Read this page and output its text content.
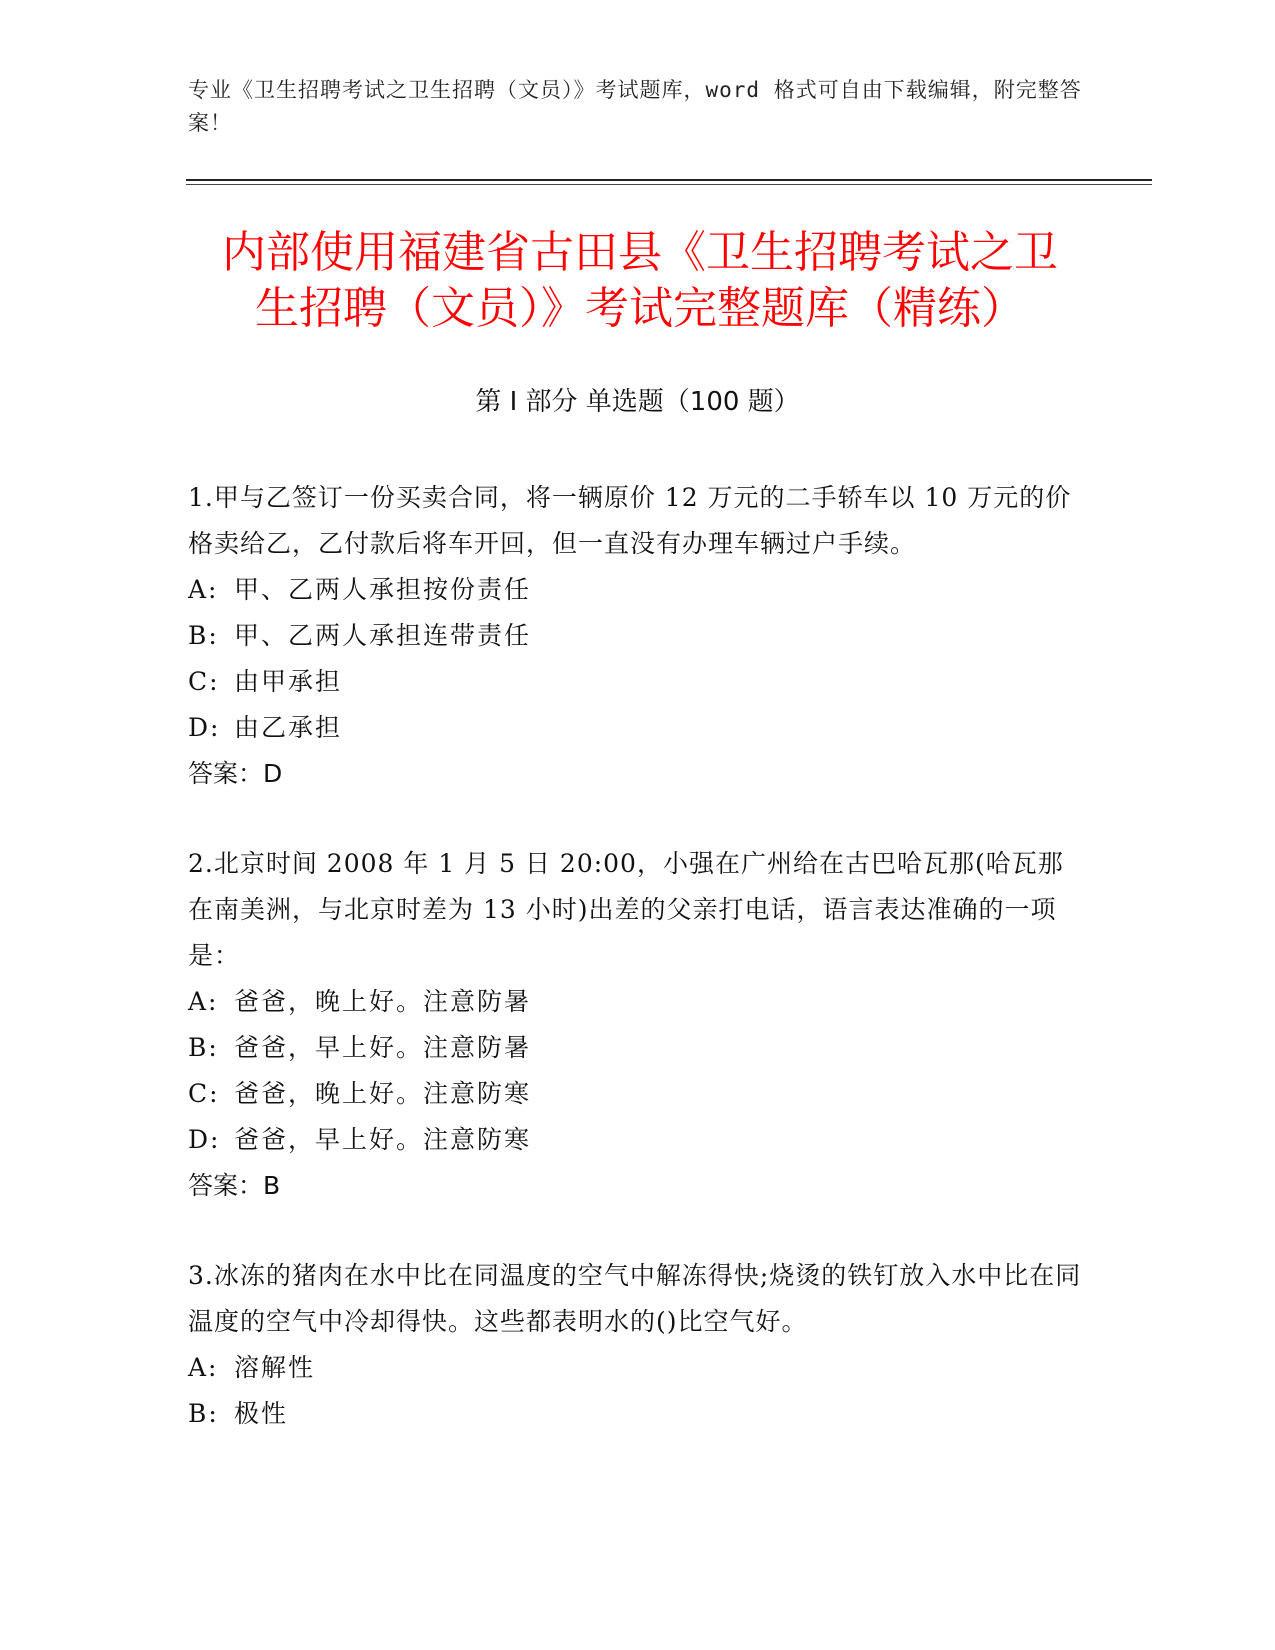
专业《卫生招聘考试之卫生招聘（文员）》考试题库，word 格式可自由下载编辑，附完整答案！
内部使用福建省古田县《卫生招聘考试之卫
生招聘（文员）》考试完整题库（精练）
第 I 部分 单选题（100 题）

1.甲与乙签订一份买卖合同，将一辆原价 12 万元的二手轿车以 10 万元的价格卖给乙，乙付款后将车开回，但一直没有办理车辆过户手续。

A: 甲、乙两人承担按份责任

B: 甲、乙两人承担连带责任

C: 由甲承担

D: 由乙承担

答案：D

2.北京时间 2008 年 1 月 5 日 20:00，小强在广州给在古巴哈瓦那(哈瓦那在南美洲，与北京时差为 13 小时)出差的父亲打电话，语言表达准确的一项是：

A: 爸爸，晚上好。注意防暑

B: 爸爸，早上好。注意防暑

C: 爸爸，晚上好。注意防寒

D: 爸爸，早上好。注意防寒

答案：B

3.冰冻的猪肉在水中比在同温度的空气中解冻得快;烧烫的铁钉放入水中比在同温度的空气中冷却得快。这些都表明水的()比空气好。

A: 溶解性

B: 极性
